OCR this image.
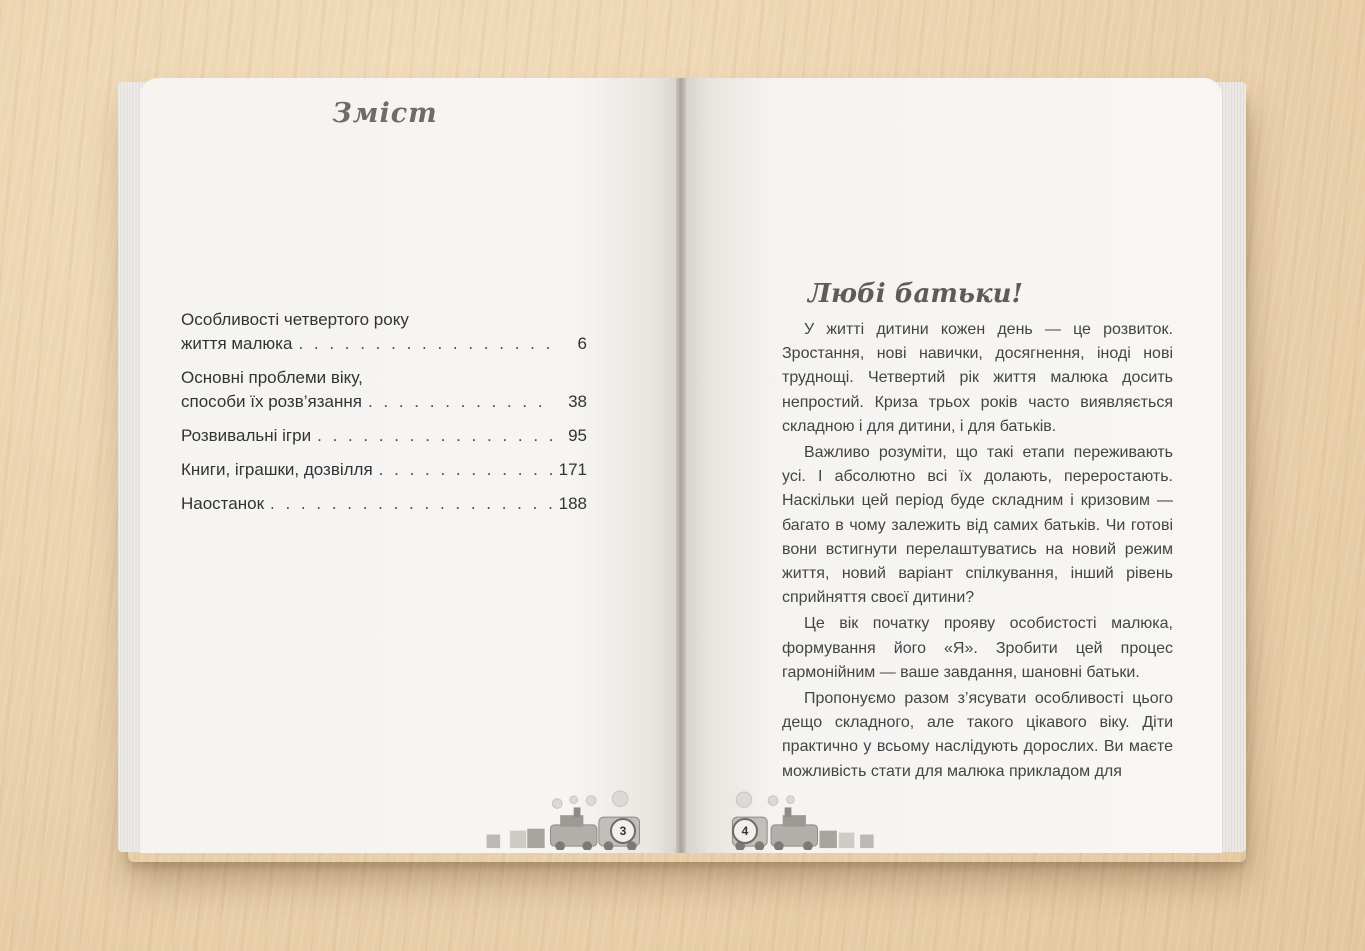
Зміст
Особливості четвертого року
життя малюка . . .	6
Основні проблеми віку,
способи їх розв’язання . . .	38
Розвивальні ігри . . .	95
Книги, іграшки, дозвілля . . .	171
Наостанок . . .	188
3
Любі батьки!

У житті дитини кожен день — це розвиток. Зростання, нові навички, досягнення, іноді нові труднощі. Четвертий рік життя малюка досить непростий. Криза трьох років часто виявляється складною і для дитини, і для батьків.

Важливо розуміти, що такі етапи переживають усі. І абсолютно всі їх долають, переростають. Наскільки цей період буде складним і кризовим — багато в чому залежить від самих батьків. Чи готові вони встигнути перелаштуватись на новий режим життя, новий варіант спілкування, інший рівень сприйняття своєї дитини?

Це вік початку прояву особистості малюка, формування його «Я». Зробити цей процес гармонійним — ваше завдання, шановні батьки.

Пропонуємо разом з’ясувати особливості цього дещо складного, але такого цікавого віку. Діти практично у всьому наслідують дорослих. Ви маєте можливість стати для малюка прикладом для

4
